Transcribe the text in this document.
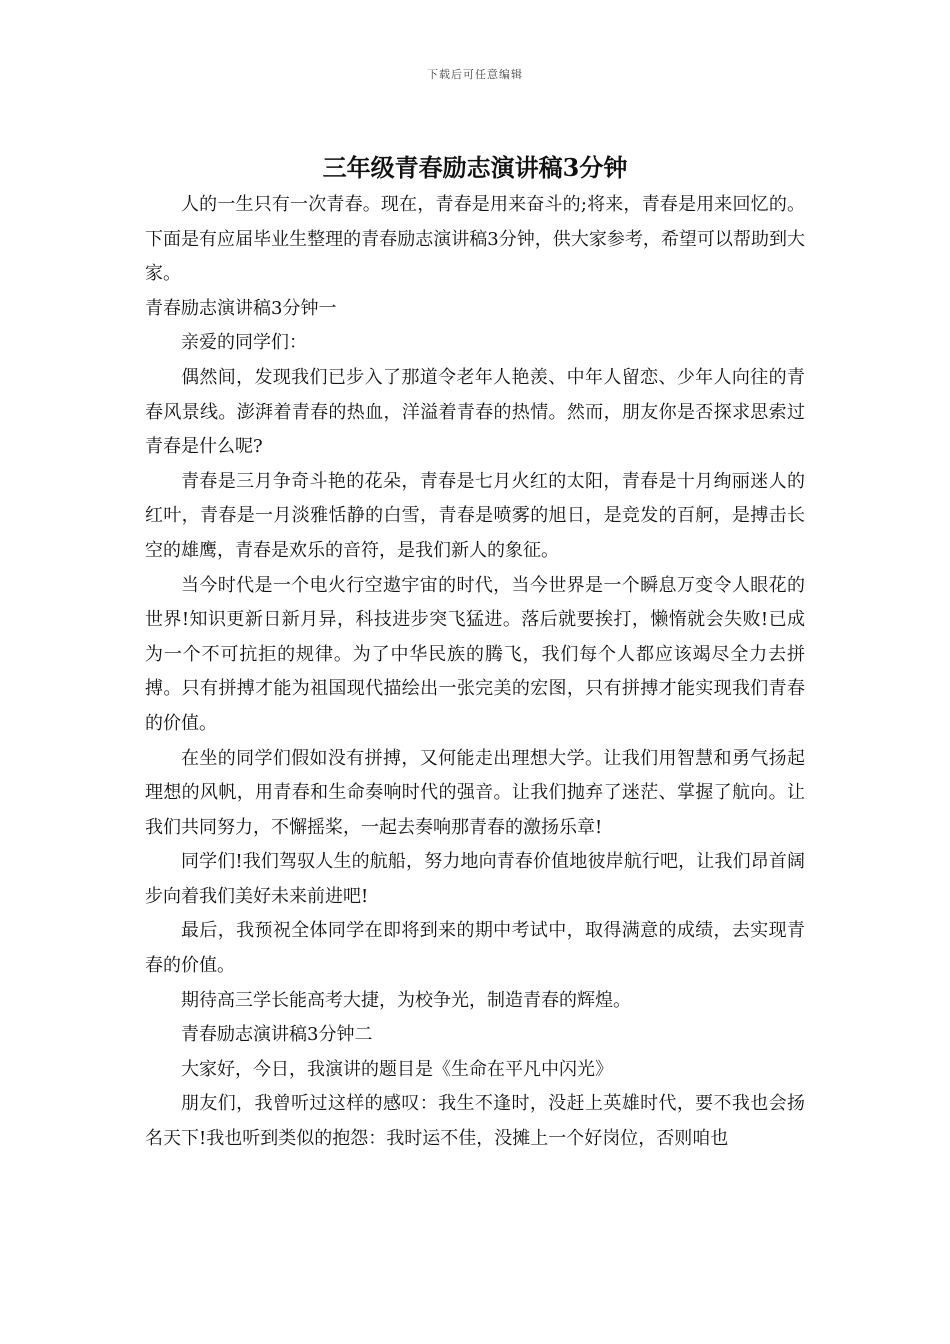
下载后可任意编辑
三年级青春励志演讲稿3分钟

人的一生只有一次青春。现在，青春是用来奋斗的;将来，青春是用来回忆的。下面是有应届毕业生整理的青春励志演讲稿3分钟，供大家参考，希望可以帮助到大家。

青春励志演讲稿3分钟一

亲爱的同学们：

偶然间，发现我们已步入了那道令老年人艳羡、中年人留恋、少年人向往的青春风景线。澎湃着青春的热血，洋溢着青春的热情。然而，朋友你是否探求思索过青春是什么呢?

青春是三月争奇斗艳的花朵，青春是七月火红的太阳，青春是十月绚丽迷人的红叶，青春是一月淡雅恬静的白雪，青春是喷雾的旭日，是竞发的百舸，是搏击长空的雄鹰，青春是欢乐的音符，是我们新人的象征。

当今时代是一个电火行空遨宇宙的时代，当今世界是一个瞬息万变令人眼花的世界!知识更新日新月异，科技进步突飞猛进。落后就要挨打，懒惰就会失败!已成为一个不可抗拒的规律。为了中华民族的腾飞，我们每个人都应该竭尽全力去拼搏。只有拼搏才能为祖国现代描绘出一张完美的宏图，只有拼搏才能实现我们青春的价值。

在坐的同学们假如没有拼搏，又何能走出理想大学。让我们用智慧和勇气扬起理想的风帆，用青春和生命奏响时代的强音。让我们抛弃了迷茫、掌握了航向。让我们共同努力，不懈摇桨，一起去奏响那青春的激扬乐章!

同学们!我们驾驭人生的航船，努力地向青春价值地彼岸航行吧，让我们昂首阔步向着我们美好未来前进吧!

最后，我预祝全体同学在即将到来的期中考试中，取得满意的成绩，去实现青春的价值。

期待高三学长能高考大捷，为校争光，制造青春的辉煌。

青春励志演讲稿3分钟二

大家好，今日，我演讲的题目是《生命在平凡中闪光》

朋友们，我曾听过这样的感叹：我生不逢时，没赶上英雄时代，要不我也会扬名天下!我也听到类似的抱怨：我时运不佳，没摊上一个好岗位，否则咱也
